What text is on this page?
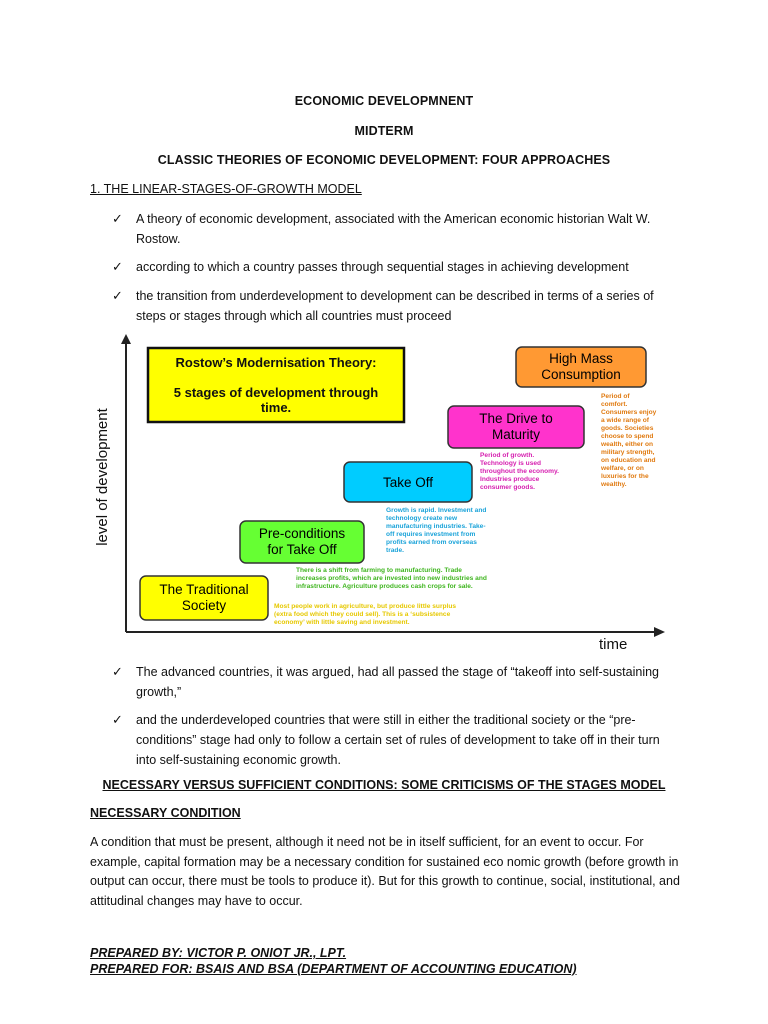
ECONOMIC DEVELOPMNENT
MIDTERM
CLASSIC THEORIES OF ECONOMIC DEVELOPMENT: FOUR APPROACHES
1. THE LINEAR-STAGES-OF-GROWTH MODEL
✓ A theory of economic development, associated with the American economic historian Walt W. Rostow.
✓ according to which a country passes through sequential stages in achieving development
✓ the transition from underdevelopment to development can be described in terms of a series of steps or stages through which all countries must proceed
level of development
time
Rostow’s Modernisation Theory:
5 stages of development through
time.
The Traditional
Society
Pre-conditions
for Take Off
Take Off
The Drive to
Maturity
High Mass
Consumption
Most people work in agriculture, but produce little surplus
(extra food which they could sell). This is a ‘subsistence
economy’ with little saving and investment.
There is a shift from farming to manufacturing. Trade
increases profits, which are invested into new industries and
infrastructure. Agriculture produces cash crops for sale.
Growth is rapid. Investment and
technology create new
manufacturing industries. Take-
off requires investment from
profits earned from overseas
trade.
Period of growth.
Technology is used
throughout the economy.
Industries produce
consumer goods.
Period of
comfort.
Consumers enjoy
a wide range of
goods. Societies
choose to spend
wealth, either on
military strength,
on education and
welfare, or on
luxuries for the
wealthy.
✓ The advanced countries, it was argued, had all passed the stage of “takeoff into self-sustaining growth,”
✓ and the underdeveloped countries that were still in either the traditional society or the “pre-conditions” stage had only to follow a certain set of rules of development to take off in their turn into self-sustaining economic growth.
NECESSARY VERSUS SUFFICIENT CONDITIONS: SOME CRITICISMS OF THE STAGES MODEL
NECESSARY CONDITION
A condition that must be present, although it need not be in itself sufficient, for an event to occur. For example, capital formation may be a necessary condition for sustained eco nomic growth (before growth in output can occur, there must be tools to produce it). But for this growth to continue, social, institutional, and attitudinal changes may have to occur.
PREPARED BY: VICTOR P. ONIOT JR., LPT.
PREPARED FOR: BSAIS AND BSA (DEPARTMENT OF ACCOUNTING EDUCATION)
